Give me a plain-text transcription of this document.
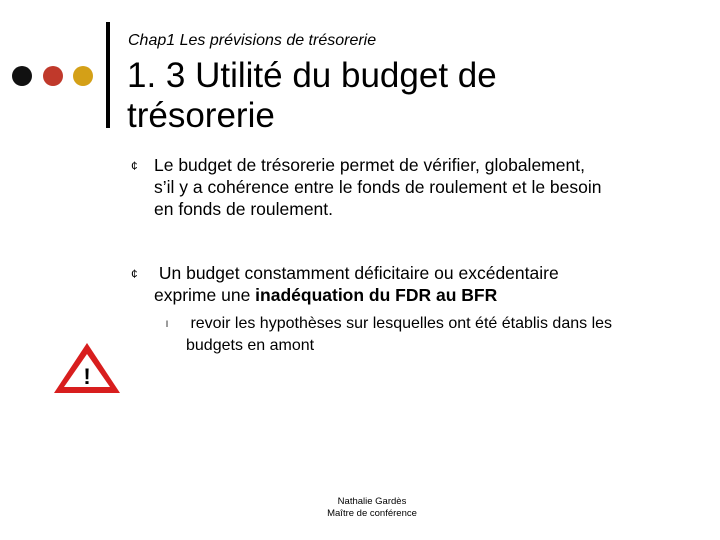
Chap1 Les prévisions de trésorerie
1. 3 Utilité du budget de
trésorerie
¢ Le budget de trésorerie permet de vérifier, globalement,
s’il y a cohérence entre le fonds de roulement et le besoin
en fonds de roulement.
¢ Un budget constamment déficitaire ou excédentaire
exprime une inadéquation du FDR au BFR
l revoir les hypothèses sur lesquelles ont été établis dans les
budgets en amont
!
Nathalie Gardès
Maître de conférence
